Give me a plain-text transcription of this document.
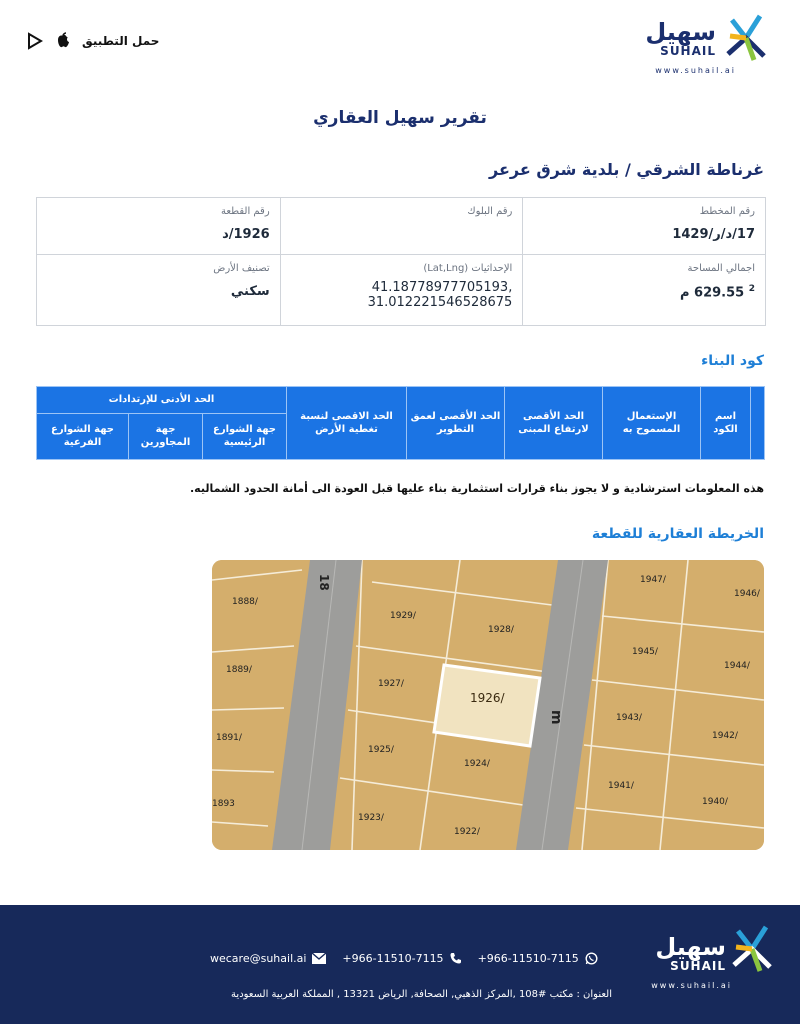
سهيل
SUHAIL
www.suhail.ai
حمل التطبيق
تقرير سهيل العقاري
غرناطة الشرقي / بلدية شرق عرعر
رقم المخطط
17/د/ر/1429
رقم البلوك
رقم القطعة
1926/د
اجمالي المساحة
$^2$ 629.55 م
الإحداثيات (Lat,Lng)
41.18778977705193,
31.012221546528675
تصنيف الأرض
سكني
كود البناء
	اسم الكود	الإستعمال المسموح به	الحد الأقصى لارتفاع المبنى	الحد الأقصى لعمق التطوير	الحد الاقصى لنسبة تغطية الأرض	الحد الأدنى للإرتدادات		
						جهة الشوارع الرئيسية	جهة المجاورين	جهة الشوارع الفرعية
هذه المعلومات استرشادية و لا يجوز بناء قرارات استثمارية بناء عليها قبل العودة الى أمانة الحدود الشماليه.
الخريطة العقارية للقطعة
18
m
1926/
1888/
1889/
1891/
1893
1929/
1927/
1925/
1923/
1928/
1924/
1922/
1947/
1946/
1945/
1944/
1943/
1942/
1941/
1940/
سهيل
SUHAIL
www.suhail.ai
wecare@suhail.ai	+966-11510-7115	+966-11510-7115
العنوان : مكتب #108 ,المركز الذهبي, الصحافة, الرياض 13321 , المملكة العربية السعودية
